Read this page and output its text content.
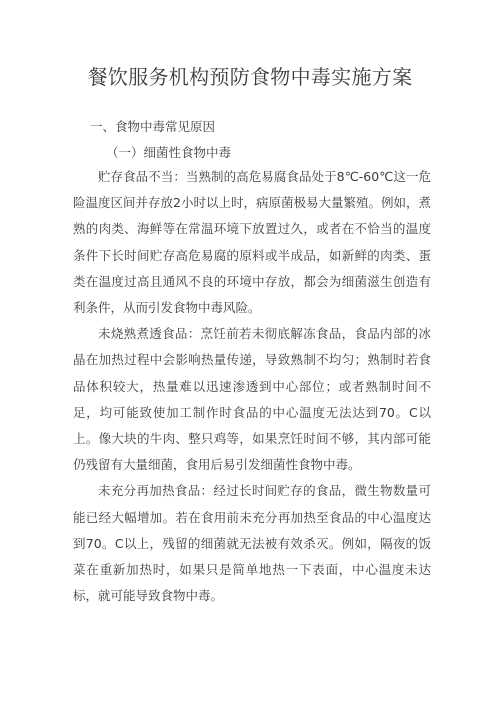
餐饮服务机构预防食物中毒实施方案
一、食物中毒常见原因
（一）细菌性食物中毒

贮存食品不当：当熟制的高危易腐食品处于8℃-60℃这一危险温度区间并存放2小时以上时，病原菌极易大量繁殖。例如，煮熟的肉类、海鲜等在常温环境下放置过久，或者在不恰当的温度条件下长时间贮存高危易腐的原料或半成品，如新鲜的肉类、蛋类在温度过高且通风不良的环境中存放，都会为细菌滋生创造有利条件，从而引发食物中毒风险。

未烧熟煮透食品：烹饪前若未彻底解冻食品，食品内部的冰晶在加热过程中会影响热量传递，导致熟制不均匀；熟制时若食品体积较大，热量难以迅速渗透到中心部位；或者熟制时间不足，均可能致使加工制作时食品的中心温度无法达到70。C以上。像大块的牛肉、整只鸡等，如果烹饪时间不够，其内部可能仍残留有大量细菌，食用后易引发细菌性食物中毒。

未充分再加热食品：经过长时间贮存的食品，微生物数量可能已经大幅增加。若在食用前未充分再加热至食品的中心温度达到70。C以上，残留的细菌就无法被有效杀灭。例如，隔夜的饭菜在重新加热时，如果只是简单地热一下表面，中心温度未达标，就可能导致食物中毒。
